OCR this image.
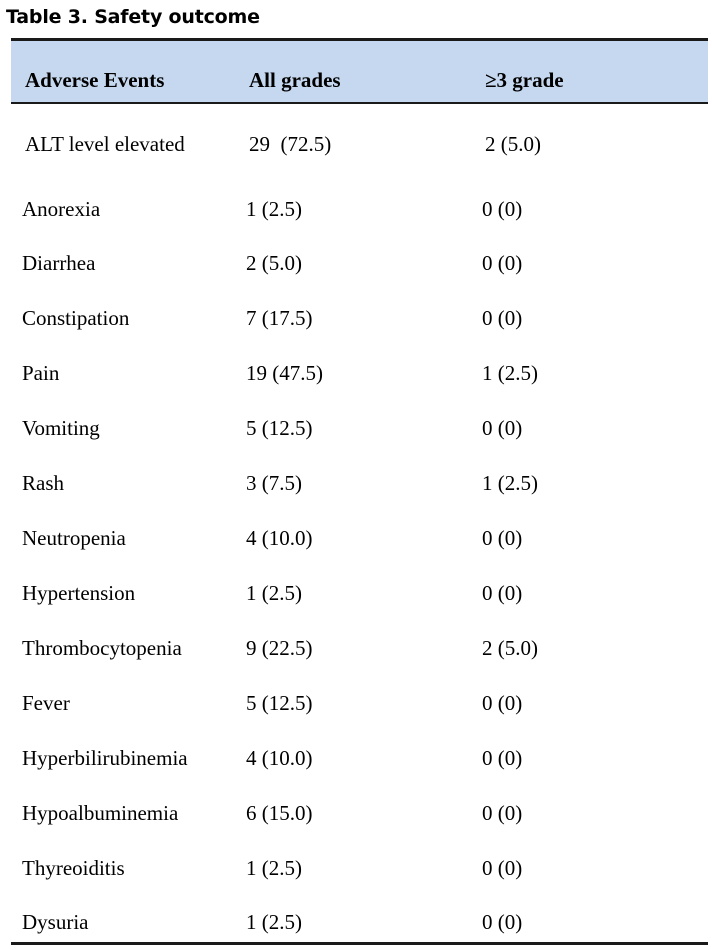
Table 3. Safety outcome
Adverse Events	All grades	≥3 grade
ALT level elevated	29  (72.5)	2 (5.0)
Anorexia	1 (2.5)	0 (0)
Diarrhea	2 (5.0)	0 (0)
Constipation	7 (17.5)	0 (0)
Pain	19 (47.5)	1 (2.5)
Vomiting	5 (12.5)	0 (0)
Rash	3 (7.5)	1 (2.5)
Neutropenia	4 (10.0)	0 (0)
Hypertension	1 (2.5)	0 (0)
Thrombocytopenia	9 (22.5)	2 (5.0)
Fever	5 (12.5)	0 (0)
Hyperbilirubinemia	4 (10.0)	0 (0)
Hypoalbuminemia	6 (15.0)	0 (0)
Thyreoiditis	1 (2.5)	0 (0)
Dysuria	1 (2.5)	0 (0)
